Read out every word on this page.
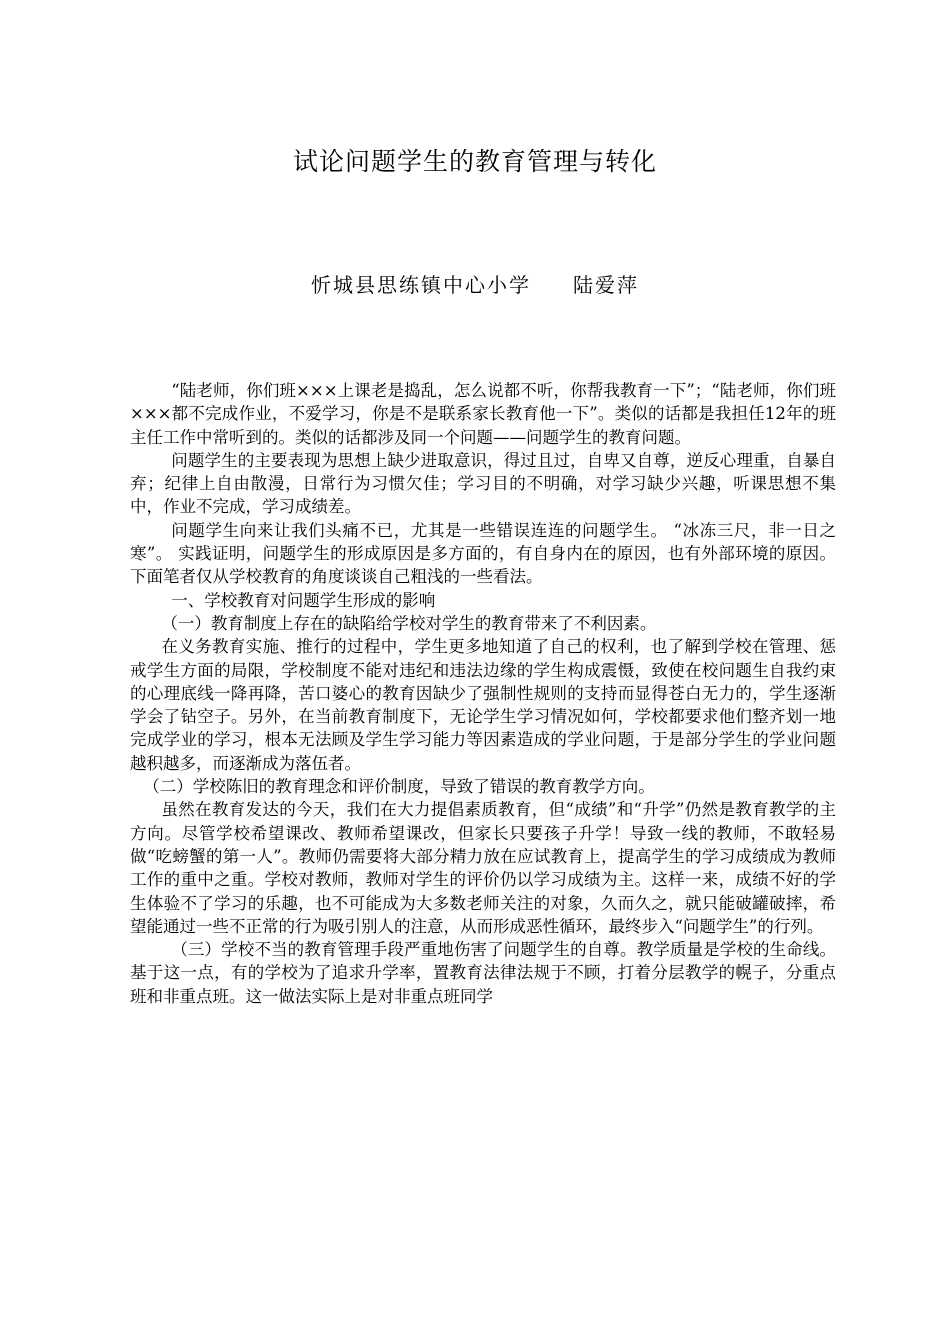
试论问题学生的教育管理与转化
忻城县思练镇中心小学 陆爱萍

“陆老师，你们班×××上课老是捣乱，怎么说都不听，你帮我教育一下”；“陆老师，你们班×××都不完成作业，不爱学习，你是不是联系家长教育他一下”。类似的话都是我担任12年的班主任工作中常听到的。类似的话都涉及同一个问题——问题学生的教育问题。

问题学生的主要表现为思想上缺少进取意识，得过且过，自卑又自尊，逆反心理重，自暴自弃；纪律上自由散漫，日常行为习惯欠佳；学习目的不明确，对学习缺少兴趣，听课思想不集中，作业不完成，学习成绩差。

问题学生向来让我们头痛不已，尤其是一些错误连连的问题学生。 “冰冻三尺，非一日之寒”。 实践证明，问题学生的形成原因是多方面的，有自身内在的原因，也有外部环境的原因。下面笔者仅从学校教育的角度谈谈自己粗浅的一些看法。

一、学校教育对问题学生形成的影响

（一）教育制度上存在的缺陷给学校对学生的教育带来了不利因素。

在义务教育实施、推行的过程中，学生更多地知道了自己的权利，也了解到学校在管理、惩戒学生方面的局限，学校制度不能对违纪和违法边缘的学生构成震慑，致使在校问题生自我约束的心理底线一降再降，苦口婆心的教育因缺少了强制性规则的支持而显得苍白无力的，学生逐渐学会了钻空子。另外，在当前教育制度下，无论学生学习情况如何，学校都要求他们整齐划一地完成学业的学习，根本无法顾及学生学习能力等因素造成的学业问题，于是部分学生的学业问题越积越多，而逐渐成为落伍者。

（二）学校陈旧的教育理念和评价制度，导致了错误的教育教学方向。

虽然在教育发达的今天，我们在大力提倡素质教育，但“成绩”和“升学”仍然是教育教学的主方向。尽管学校希望课改、教师希望课改，但家长只要孩子升学！导致一线的教师，不敢轻易做“吃螃蟹的第一人”。教师仍需要将大部分精力放在应试教育上，提高学生的学习成绩成为教师工作的重中之重。学校对教师，教师对学生的评价仍以学习成绩为主。这样一来，成绩不好的学生体验不了学习的乐趣，也不可能成为大多数老师关注的对象，久而久之，就只能破罐破摔，希望能通过一些不正常的行为吸引别人的注意，从而形成恶性循环，最终步入“问题学生”的行列。

（三）学校不当的教育管理手段严重地伤害了问题学生的自尊。教学质量是学校的生命线。基于这一点，有的学校为了追求升学率，置教育法律法规于不顾，打着分层教学的幌子，分重点班和非重点班。这一做法实际上是对非重点班同学
